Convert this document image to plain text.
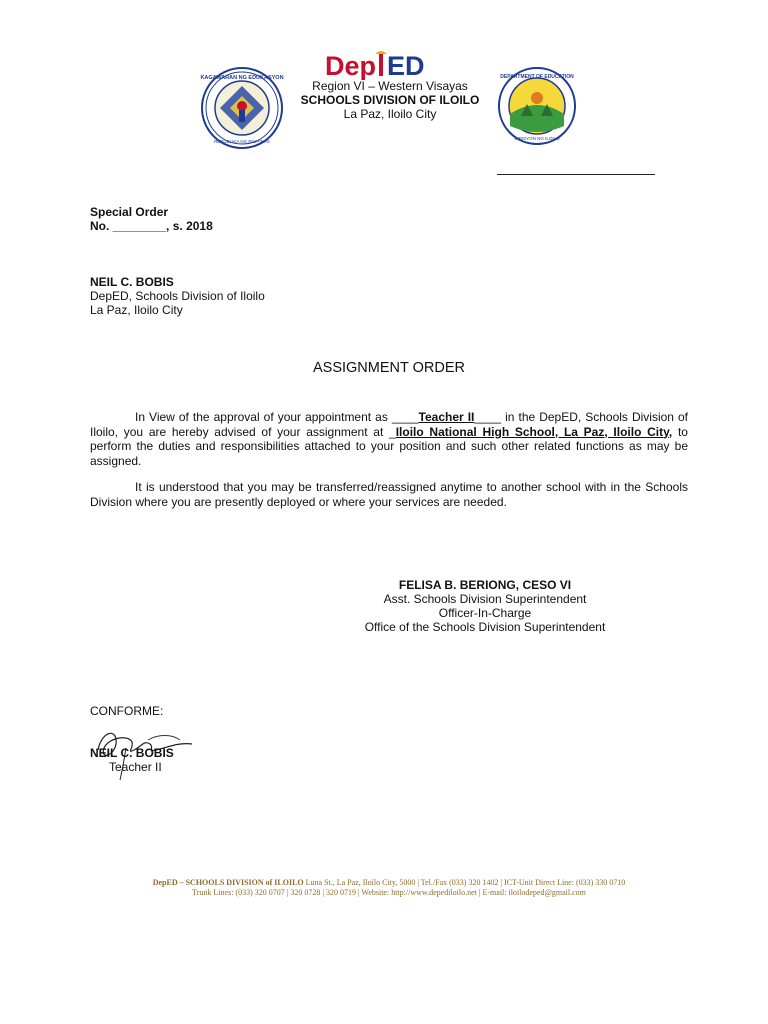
KAGAWARAN NG EDUKASYON
REPUBLIKA NG PILIPINAS
Dep ED
Region VI – Western Visayas
SCHOOLS DIVISION OF ILOILO
La Paz, Iloilo City
DEPARTMENT OF EDUCATION
DIBISYON NG ILOILO
Special Order
No. ________, s. 2018
NEIL C. BOBIS
DepED, Schools Division of Iloilo
La Paz, Iloilo City
ASSIGNMENT ORDER
In View of the approval of your appointment as ____Teacher II____ in the DepED, Schools Division of Iloilo, you are hereby advised of your assignment at _Iloilo National High School, La Paz, Iloilo City, to perform the duties and responsibilities attached to your position and such other related functions as may be assigned.
It is understood that you may be transferred/reassigned anytime to another school with in the Schools Division where you are presently deployed or where your services are needed.
FELISA B. BERIONG, CESO VI
Asst. Schools Division Superintendent
Officer-In-Charge
Office of the Schools Division Superintendent
CONFORME:
NEIL C. BOBIS
Teacher II
DepED – SCHOOLS DIVISION of ILOILO Luna St., La Paz, Iloilo City, 5000 | Tel./Fax (033) 320 1402 | ICT-Unit Direct Line: (033) 330 0710
Trunk Lines: (033) 320 0707 | 320 0728 | 320 0719 | Website: http://www.depediloilo.net | E-mail: iloilodeped@gmail.com
